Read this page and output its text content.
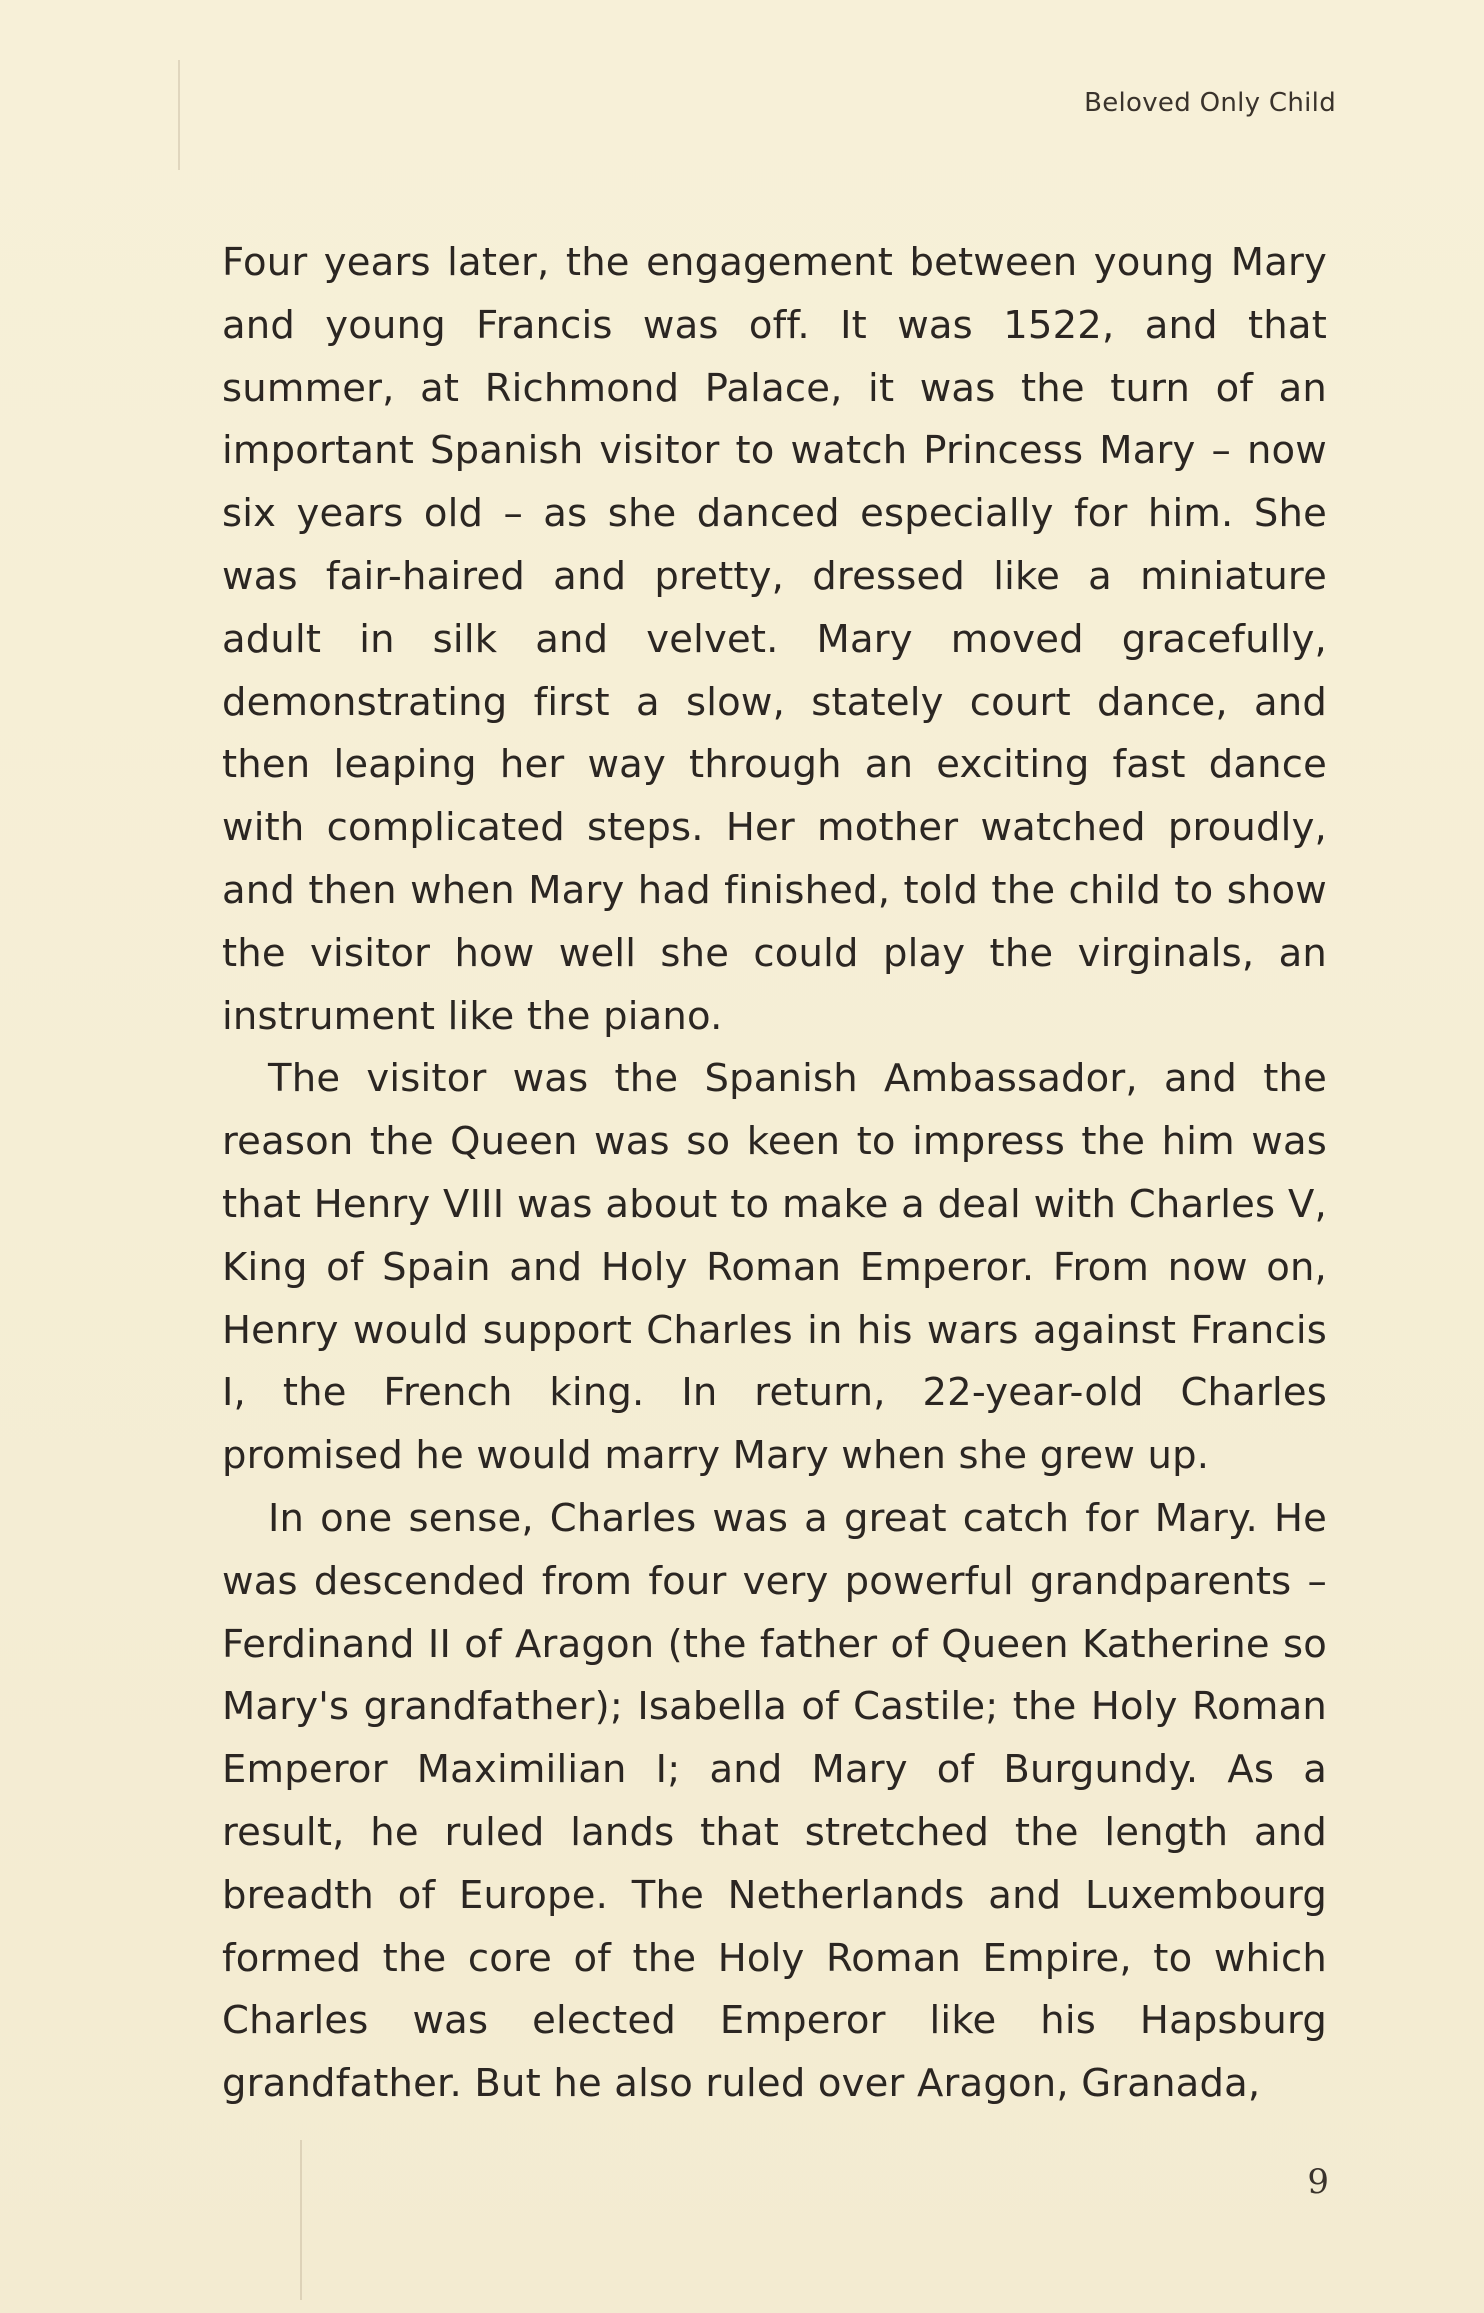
Beloved Only Child

Four years later, the engagement between young Mary and young Francis was off. It was 1522, and that summer, at Richmond Palace, it was the turn of an important Spanish visitor to watch Princess Mary – now six years old – as she danced especially for him. She was fair-haired and pretty, dressed like a miniature adult in silk and velvet. Mary moved gracefully, demonstrating first a slow, stately court dance, and then leaping her way through an exciting fast dance with complicated steps. Her mother watched proudly, and then when Mary had finished, told the child to show the visitor how well she could play the virginals, an instrument like the piano.

The visitor was the Spanish Ambassador, and the reason the Queen was so keen to impress the him was that Henry VIII was about to make a deal with Charles V, King of Spain and Holy Roman Emperor. From now on, Henry would support Charles in his wars against Francis I, the French king. In return, 22-year-old Charles promised he would marry Mary when she grew up.

In one sense, Charles was a great catch for Mary. He was descended from four very powerful grandparents – Ferdinand II of Aragon (the father of Queen Katherine so Mary's grandfather); Isabella of Castile; the Holy Roman Emperor Maximilian I; and Mary of Burgundy. As a result, he ruled lands that stretched the length and breadth of Europe. The Netherlands and Luxembourg formed the core of the Holy Roman Empire, to which Charles was elected Emperor like his Hapsburg grandfather. But he also ruled over Aragon, Granada,

9
